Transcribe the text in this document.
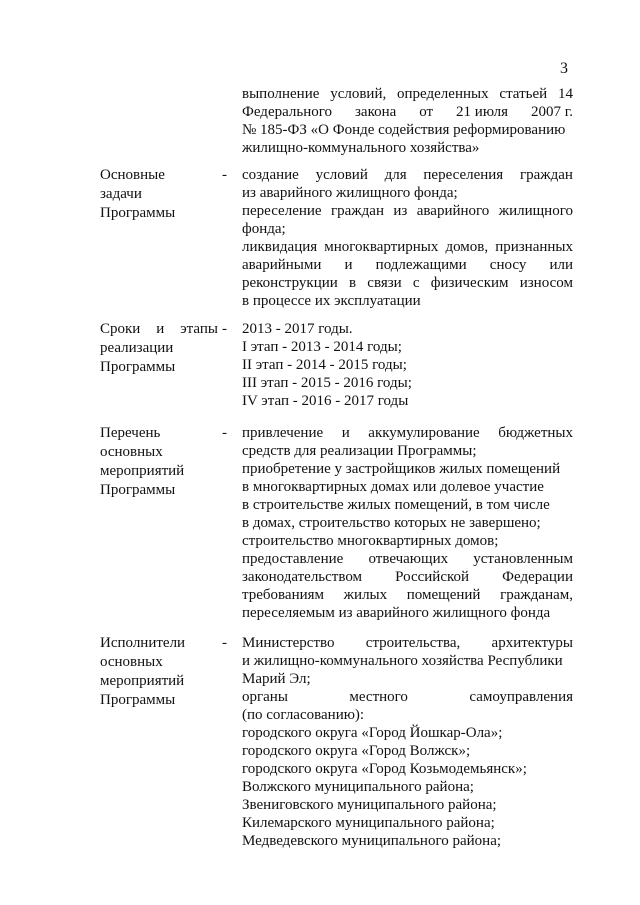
3
выполнение условий, определенных статьей 14
Федерального закона от 21 июля 2007 г.
№ 185-ФЗ «О Фонде содействия реформированию
жилищно-коммунального хозяйства»
Основные
задачи
Программы
- создание условий для переселения граждан
из аварийного жилищного фонда;
переселение граждан из аварийного жилищного
фонда;
ликвидация многоквартирных домов, признанных
аварийными и подлежащими сносу или
реконструкции в связи с физическим износом
в процессе их эксплуатации
Сроки и этапы
реализации
Программы
- 2013 - 2017 годы.
I этап - 2013 - 2014 годы;
II этап - 2014 - 2015 годы;
III этап - 2015 - 2016 годы;
IV этап - 2016 - 2017 годы
Перечень
основных
мероприятий
Программы
- привлечение и аккумулирование бюджетных
средств для реализации Программы;
приобретение у застройщиков жилых помещений
в многоквартирных домах или долевое участие
в строительстве жилых помещений, в том числе
в домах, строительство которых не завершено;
строительство многоквартирных домов;
предоставление отвечающих установленным
законодательством Российской Федерации
требованиям жилых помещений гражданам,
переселяемым из аварийного жилищного фонда
Исполнители
основных
мероприятий
Программы
- Министерство строительства, архитектуры
и жилищно-коммунального хозяйства Республики
Марий Эл;
органы	местного	самоуправления
(по согласованию):
городского округа «Город Йошкар-Ола»;
городского округа «Город Волжск»;
городского округа «Город Козьмодемьянск»;
Волжского муниципального района;
Звениговского муниципального района;
Килемарского муниципального района;
Медведевского муниципального района;
